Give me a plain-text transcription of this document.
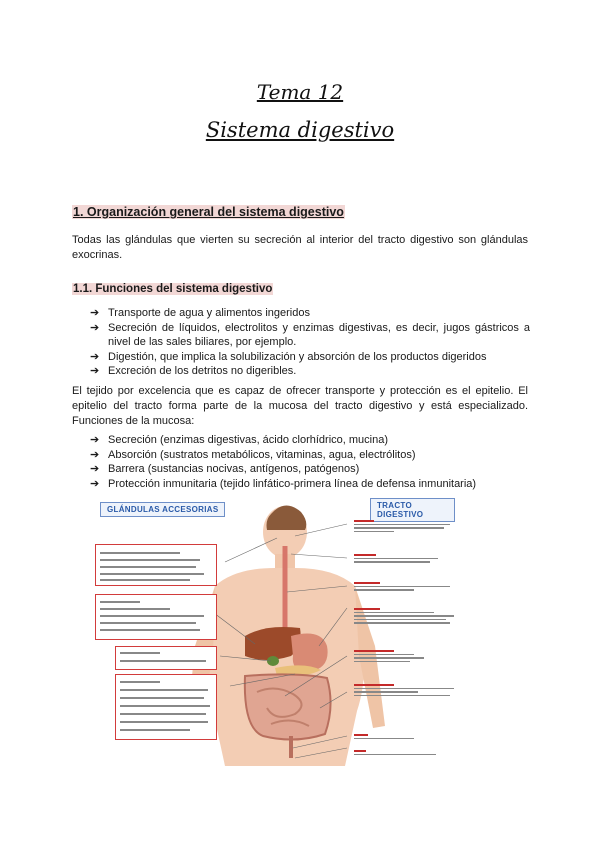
Tema 12
Sistema digestivo
1. Organización general del sistema digestivo
Todas las glándulas que vierten su secreción al interior del tracto digestivo son glándulas exocrinas.
1.1. Funciones del sistema digestivo
➔ Transporte de agua y alimentos ingeridos
➔ Secreción de líquidos, electrolitos y enzimas digestivas, es decir, jugos gástricos a nivel de las sales biliares, por ejemplo.
➔ Digestión, que implica la solubilización y absorción de los productos digeridos
➔ Excreción de los detritos no digeribles.
El tejido por excelencia que es capaz de ofrecer transporte y protección es el epitelio. El epitelio del tracto forma parte de la mucosa del tracto digestivo y está especializado. Funciones de la mucosa:
➔ Secreción (enzimas digestivas, ácido clorhídrico, mucina)
➔ Absorción (sustratos metabólicos, vitaminas, agua, electrólitos)
➔ Barrera (sustancias nocivas, antígenos, patógenos)
➔ Protección inmunitaria (tejido linfático-primera línea de defensa inmunitaria)
GLÁNDULAS ACCESORIAS	TRACTO DIGESTIVO
